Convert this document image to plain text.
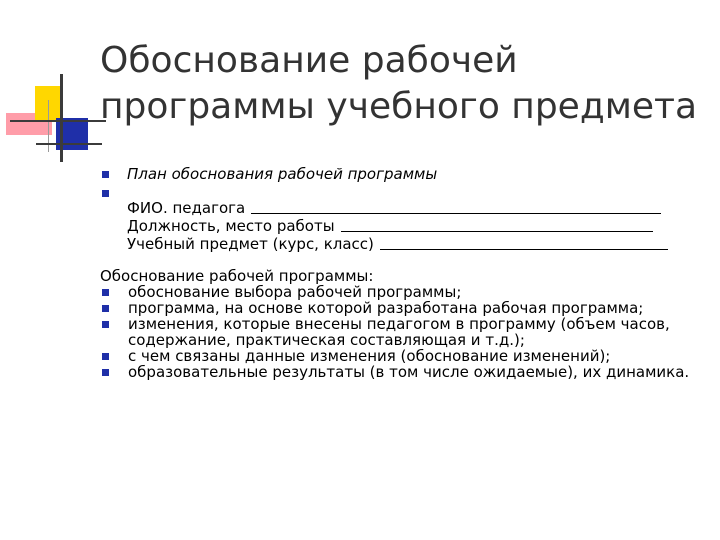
Обоснование рабочей
программы учебного предмета
План обоснования рабочей программы
ФИО. педагога
Должность, место работы
Учебный предмет (курс, класс)
Обоснование рабочей программы:
обоснование выбора рабочей программы;
программа, на основе которой разработана рабочая программа;
изменения, которые внесены педагогом в программу (объем часов, содержание, практическая составляющая и т.д.);
с чем связаны данные изменения (обоснование изменений);
образовательные результаты (в том числе ожидаемые), их динамика.
